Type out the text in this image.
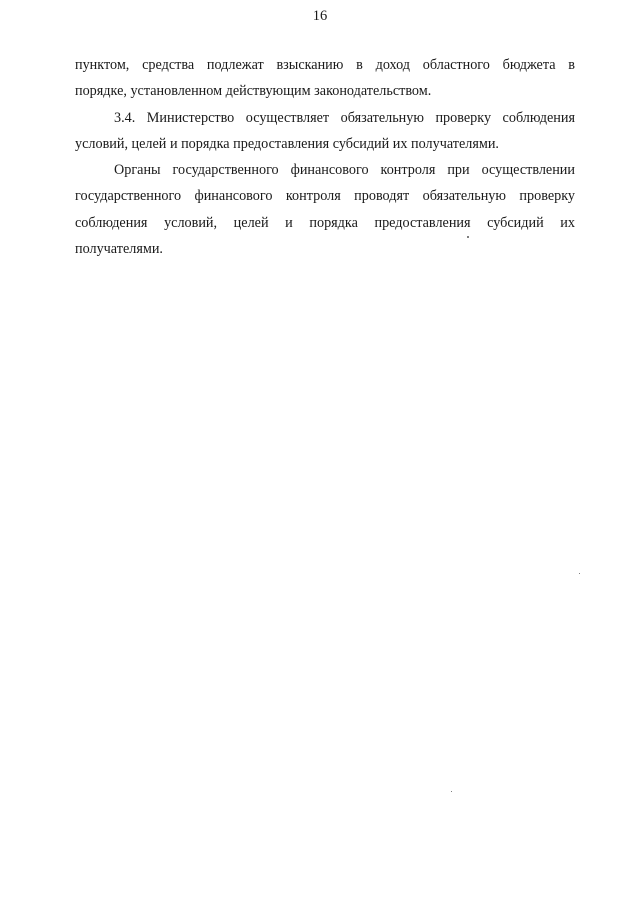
16

пунктом, средства подлежат взысканию в доход областного бюджета в
порядке, установленном действующим законодательством.

3.4. Министерство осуществляет обязательную проверку соблюдения
условий, целей и порядка предоставления субсидий их получателями.

Органы государственного финансового контроля при осуществлении
государственного финансового контроля проводят обязательную проверку
соблюдения условий, целей и порядка предоставления субсидий их
получателями.
